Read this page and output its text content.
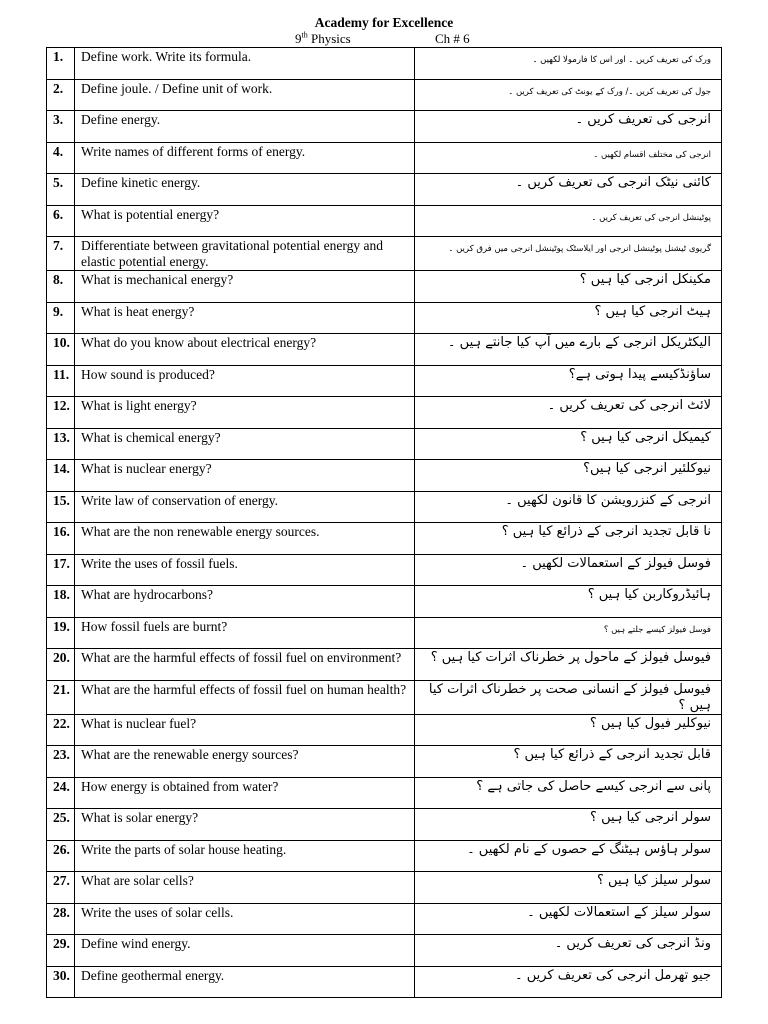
Academy for Excellence
9th Physics	Ch # 6
1.	Define work. Write its formula.	ورک کی تعریف کریں ۔ اور اس کا فارمولا لکھیں ۔
2.	Define joule. / Define unit of work.	جول کی تعریف کریں ۔/ ورک کے یونٹ کی تعریف کریں ۔
3.	Define energy.	انرجی کی تعریف کریں ۔
4.	Write names of different forms of energy.	انرجی کی مختلف اقسام لکھیں ۔
5.	Define kinetic energy.	کائنی نیٹک انرجی کی تعریف کریں ۔
6.	What is potential energy?	پوٹینشل انرجی کی تعریف کریں ۔
7.	Differentiate between gravitational potential energy and elastic potential energy.	گریوی ٹیشنل پوٹینشل انرجی اور ایلاسٹک پوٹینشل انرجی میں فرق کریں ۔
8.	What is mechanical energy?	مکینکل انرجی کیا ہیں ؟
9.	What is heat energy?	ہیٹ انرجی کیا ہیں ؟
10.	What do you know about electrical energy?	الیکٹریکل انرجی کے بارے میں آپ کیا جانتے ہیں ۔
11.	How sound is produced?	ساؤنڈکیسے پیدا ہوتی ہے؟
12.	What is light energy?	لائٹ انرجی کی تعریف کریں ۔
13.	What is chemical energy?	کیمیکل انرجی کیا ہیں ؟
14.	What is nuclear energy?	نیوکلئیر انرجی کیا ہیں؟
15.	Write law of conservation of energy.	انرجی کے کنزرویشن کا قانون لکھیں ۔
16.	What are the non renewable energy sources.	نا قابل تجدید انرجی کے ذرائع کیا ہیں ؟
17.	Write the uses of fossil fuels.	فوسل فیولز کے استعمالات لکھیں ۔
18.	What are hydrocarbons?	ہائیڈروکاربن کیا ہیں ؟
19.	How fossil fuels are burnt?	فوسل فیولز کیسے جلتے ہیں ؟
20.	What are the harmful effects of fossil fuel on environment?	فیوسل فیولز کے ماحول پر خطرناک اثرات کیا ہیں ؟
21.	What are the harmful effects of fossil fuel on human health?	فیوسل فیولز کے انسانی صحت پر خطرناک اثرات کیا ہیں ؟
22.	What is nuclear fuel?	نیوکلیر فیول کیا ہیں ؟
23.	What are the renewable energy sources?	قابل تجدید انرجی کے ذرائع کیا ہیں ؟
24.	How energy is obtained from water?	پانی سے انرجی کیسے حاصل کی جاتی ہے ؟
25.	What is solar energy?	سولر انرجی کیا ہیں ؟
26.	Write the parts of solar house heating.	سولر ہاؤس ہیٹنگ کے حصوں کے نام لکھیں ۔
27.	What are solar cells?	سولر سیلز کیا ہیں ؟
28.	Write the uses of solar cells.	سولر سیلز کے استعمالات لکھیں ۔
29.	Define wind energy.	ونڈ انرجی کی تعریف کریں ۔
30.	Define geothermal energy.	جیو تھرمل انرجی کی تعریف کریں ۔
